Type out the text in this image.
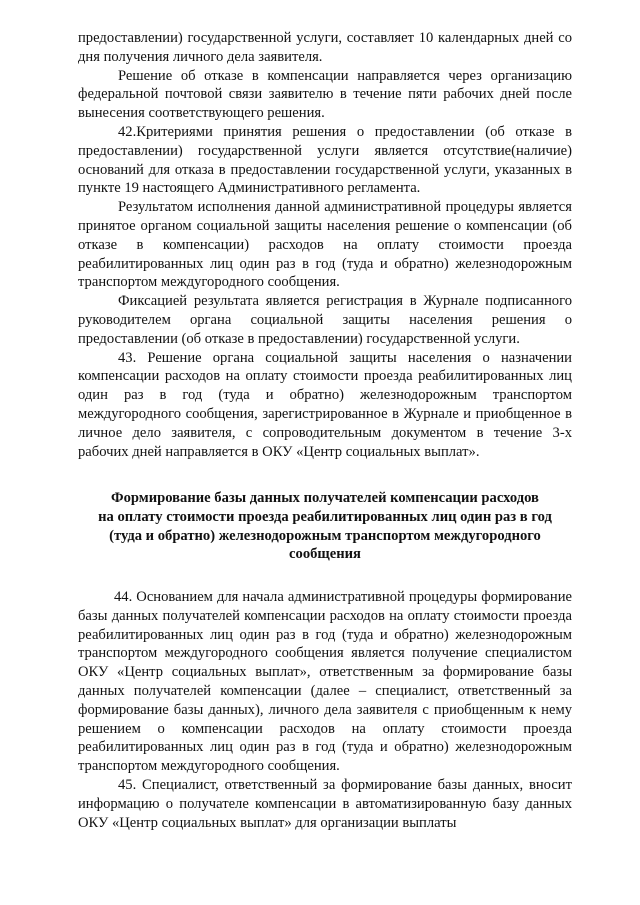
предоставлении) государственной услуги, составляет 10 календарных дней со дня получения личного дела заявителя.

Решение об отказе в компенсации направляется через организацию федеральной почтовой связи заявителю в течение пяти рабочих дней после вынесения соответствующего решения.

42.Критериями принятия решения о предоставлении (об отказе в предоставлении) государственной услуги является отсутствие(наличие) оснований для отказа в предоставлении государственной услуги, указанных в пункте 19 настоящего Административного регламента.

Результатом исполнения данной административной процедуры является принятое органом социальной защиты населения решение о компенсации (об отказе в компенсации) расходов на оплату стоимости проезда реабилитированных лиц один раз в год (туда и обратно) железнодорожным транспортом междугородного сообщения.

Фиксацией результата является регистрация в Журнале подписанного руководителем органа социальной защиты населения решения о предоставлении (об отказе в предоставлении) государственной услуги.

43. Решение органа социальной защиты населения о назначении компенсации расходов на оплату стоимости проезда реабилитированных лиц один раз в год (туда и обратно) железнодорожным транспортом междугородного сообщения, зарегистрированное в Журнале и приобщенное в личное дело заявителя, с сопроводительным документом в течение 3-х рабочих дней направляется в ОКУ «Центр социальных выплат».

Формирование базы данных получателей компенсации расходов
на оплату стоимости проезда реабилитированных лиц один раз в год
(туда и обратно) железнодорожным транспортом междугородного
сообщения

44. Основанием для начала административной процедуры формирование базы данных получателей компенсации расходов на оплату стоимости проезда реабилитированных лиц один раз в год (туда и обратно) железнодорожным транспортом междугородного сообщения является получение специалистом ОКУ «Центр социальных выплат», ответственным за формирование базы данных получателей компенсации (далее – специалист, ответственный за формирование базы данных), личного дела заявителя с приобщенным к нему решением о компенсации расходов на оплату стоимости проезда реабилитированных лиц один раз в год (туда и обратно) железнодорожным транспортом междугородного сообщения.

45. Специалист, ответственный за формирование базы данных, вносит информацию о получателе компенсации в автоматизированную базу данных ОКУ «Центр социальных выплат» для организации выплаты
